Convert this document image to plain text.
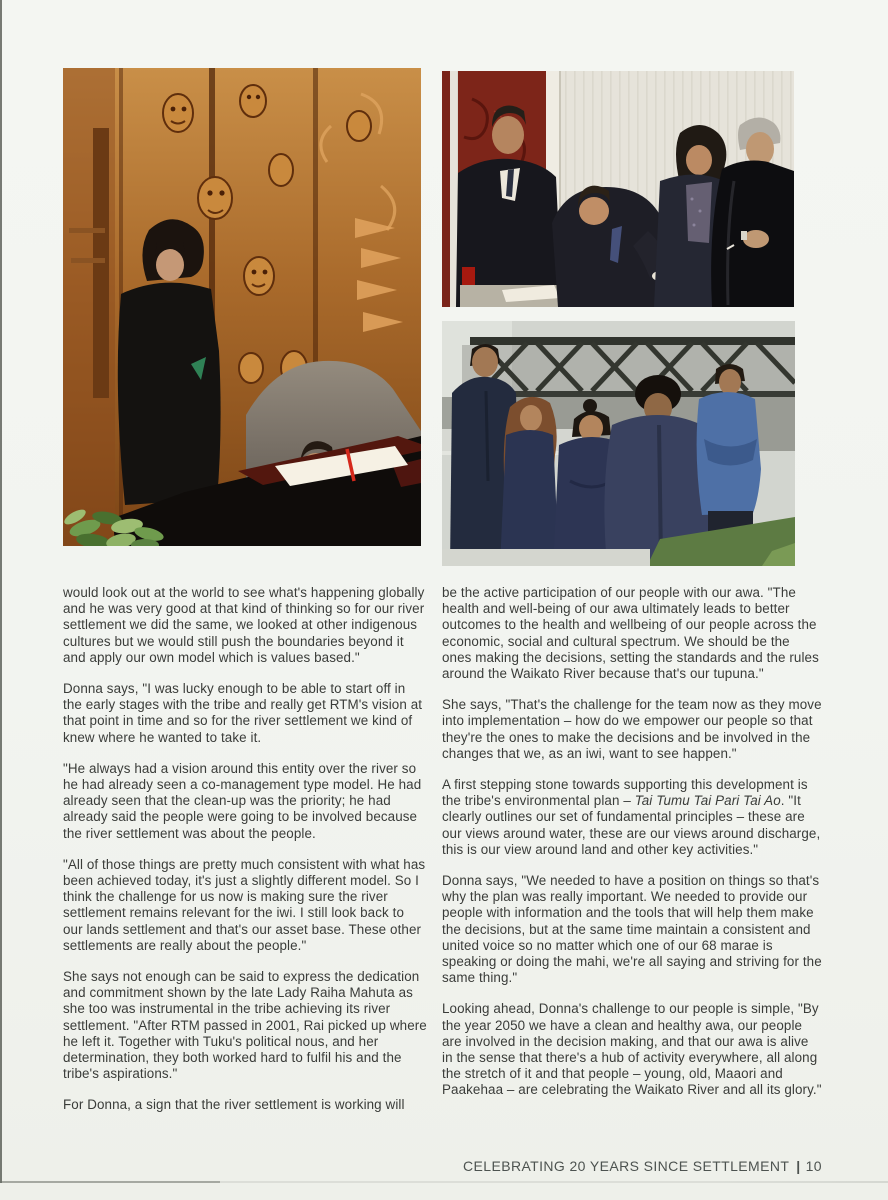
would look out at the world to see what's happening globally and he was very good at that kind of thinking so for our river settlement we did the same, we looked at other indigenous cultures but we would still push the boundaries beyond it and apply our own model which is values based."

Donna says, "I was lucky enough to be able to start off in the early stages with the tribe and really get RTM's vision at that point in time and so for the river settlement we kind of knew where he wanted to take it.

"He always had a vision around this entity over the river so he had already seen a co-management type model. He had already seen that the clean-up was the priority; he had already said the people were going to be involved because the river settlement was about the people.

"All of those things are pretty much consistent with what has been achieved today, it's just a slightly different model. So I think the challenge for us now is making sure the river settlement remains relevant for the iwi. I still look back to our lands settlement and that's our asset base. These other settlements are really about the people."

She says not enough can be said to express the dedication and commitment shown by the late Lady Raiha Mahuta as she too was instrumental in the tribe achieving its river settlement. "After RTM passed in 2001, Rai picked up where he left it. Together with Tuku's political nous, and her determination, they both worked hard to fulfil his and the tribe's aspirations."

For Donna, a sign that the river settlement is working will

be the active participation of our people with our awa. "The health and well-being of our awa ultimately leads to better outcomes to the health and wellbeing of our people across the economic, social and cultural spectrum. We should be the ones making the decisions, setting the standards and the rules around the Waikato River because that's our tupuna."

She says, "That's the challenge for the team now as they move into implementation – how do we empower our people so that they're the ones to make the decisions and be involved in the changes that we, as an iwi, want to see happen."

A first stepping stone towards supporting this development is the tribe's environmental plan – Tai Tumu Tai Pari Tai Ao. "It clearly outlines our set of fundamental principles – these are our views around water, these are our views around discharge, this is our view around land and other key activities."

Donna says, "We needed to have a position on things so that's why the plan was really important. We needed to provide our people with information and the tools that will help them make the decisions, but at the same time maintain a consistent and united voice so no matter which one of our 68 marae is speaking or doing the mahi, we're all saying and striving for the same thing."

Looking ahead, Donna's challenge to our people is simple, "By the year 2050 we have a clean and healthy awa, our people are involved in the decision making, and that our awa is alive in the sense that there's a hub of activity everywhere, all along the stretch of it and that people – young, old, Maaori and Paakehaa – are celebrating the Waikato River and all its glory."

CELEBRATING 20 YEARS SINCE SETTLEMENT | 10
